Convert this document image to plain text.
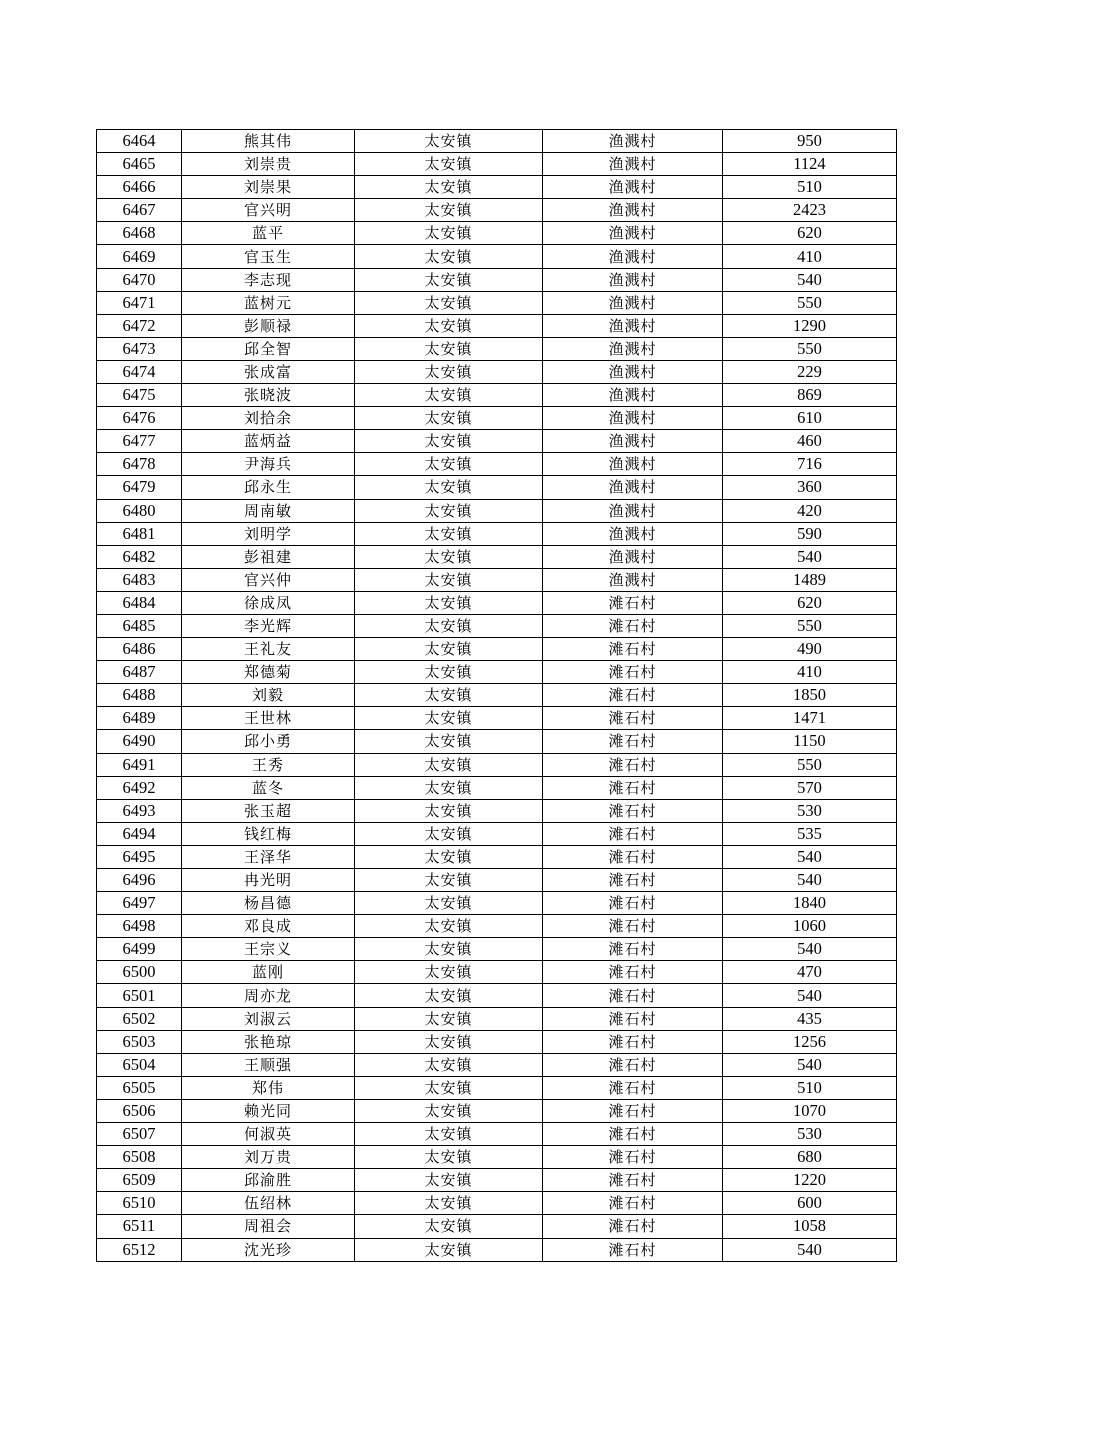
6464	熊其伟	太安镇	渔溅村	950
6465	刘崇贵	太安镇	渔溅村	1124
6466	刘崇果	太安镇	渔溅村	510
6467	官兴明	太安镇	渔溅村	2423
6468	蓝平	太安镇	渔溅村	620
6469	官玉生	太安镇	渔溅村	410
6470	李志现	太安镇	渔溅村	540
6471	蓝树元	太安镇	渔溅村	550
6472	彭顺禄	太安镇	渔溅村	1290
6473	邱全智	太安镇	渔溅村	550
6474	张成富	太安镇	渔溅村	229
6475	张晓波	太安镇	渔溅村	869
6476	刘拾余	太安镇	渔溅村	610
6477	蓝炳益	太安镇	渔溅村	460
6478	尹海兵	太安镇	渔溅村	716
6479	邱永生	太安镇	渔溅村	360
6480	周南敏	太安镇	渔溅村	420
6481	刘明学	太安镇	渔溅村	590
6482	彭祖建	太安镇	渔溅村	540
6483	官兴仲	太安镇	渔溅村	1489
6484	徐成凤	太安镇	滩石村	620
6485	李光辉	太安镇	滩石村	550
6486	王礼友	太安镇	滩石村	490
6487	郑德菊	太安镇	滩石村	410
6488	刘毅	太安镇	滩石村	1850
6489	王世林	太安镇	滩石村	1471
6490	邱小勇	太安镇	滩石村	1150
6491	王秀	太安镇	滩石村	550
6492	蓝冬	太安镇	滩石村	570
6493	张玉超	太安镇	滩石村	530
6494	钱红梅	太安镇	滩石村	535
6495	王泽华	太安镇	滩石村	540
6496	冉光明	太安镇	滩石村	540
6497	杨昌德	太安镇	滩石村	1840
6498	邓良成	太安镇	滩石村	1060
6499	王宗义	太安镇	滩石村	540
6500	蓝刚	太安镇	滩石村	470
6501	周亦龙	太安镇	滩石村	540
6502	刘淑云	太安镇	滩石村	435
6503	张艳琼	太安镇	滩石村	1256
6504	王顺强	太安镇	滩石村	540
6505	郑伟	太安镇	滩石村	510
6506	赖光同	太安镇	滩石村	1070
6507	何淑英	太安镇	滩石村	530
6508	刘万贵	太安镇	滩石村	680
6509	邱渝胜	太安镇	滩石村	1220
6510	伍绍林	太安镇	滩石村	600
6511	周祖会	太安镇	滩石村	1058
6512	沈光珍	太安镇	滩石村	540
